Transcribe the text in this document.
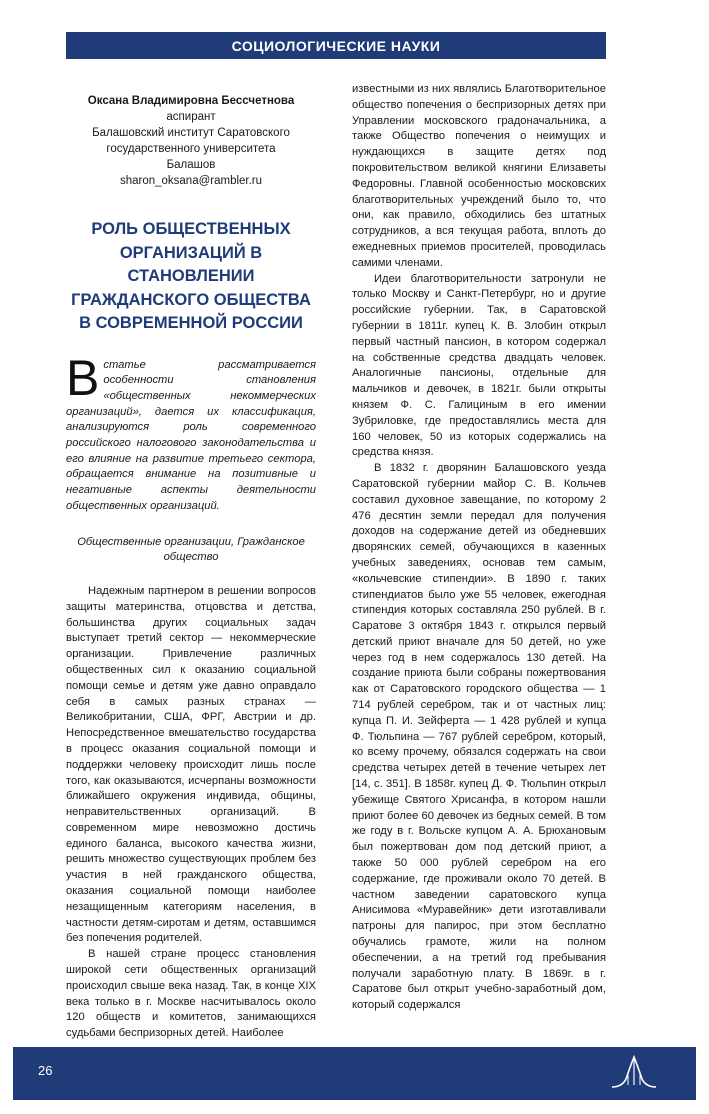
СОЦИОЛОГИЧЕСКИЕ НАУКИ
Оксана Владимировна Бессчетнова
аспирант
Балашовский институт Саратовского
государственного университета
Балашов
sharon_oksana@rambler.ru
РОЛЬ ОБЩЕСТВЕННЫХ ОРГАНИЗАЦИЙ В СТАНОВЛЕНИИ ГРАЖДАНСКОГО ОБЩЕСТВА В СОВРЕМЕННОЙ РОССИИ
В статье рассматривается особенности становления «общественных некоммерческих организаций», дается их классификация, анализируются роль современного российского налогового законодательства и его влияние на развитие третьего сектора, обращается внимание на позитивные и негативные аспекты деятельности общественных организаций.
Общественные организации, Гражданское общество

Надежным партнером в решении вопросов защиты материнства, отцовства и детства, большинства других социальных задач выступает третий сектор — некоммерческие организации. Привлечение различных общественных сил к оказанию социальной помощи семье и детям уже давно оправдало себя в самых разных странах — Великобритании, США, ФРГ, Австрии и др. Непосредственное вмешательство государства в процесс оказания социальной помощи и поддержки человеку происходит лишь после того, как оказываются, исчерпаны возможности ближайшего окружения индивида, общины, неправительственных организаций. В современном мире невозможно достичь единого баланса, высокого качества жизни, решить множество существующих проблем без участия в ней гражданского общества, оказания социальной помощи наиболее незащищенным категориям населения, в частности детям-сиротам и детям, оставшимся без попечения родителей.

В нашей стране процесс становления широкой сети общественных организаций происходил свыше века назад. Так, в конце XIX века только в г. Москве насчитывалось около 120 обществ и комитетов, занимающихся судьбами беспризорных детей. Наиболее

известными из них являлись Благотворительное общество попечения о беспризорных детях при Управлении московского градоначальника, а также Общество попечения о неимущих и нуждающихся в защите детях под покровительством великой княгини Елизаветы Федоровны. Главной особенностью московских благотворительных учреждений было то, что они, как правило, обходились без штатных сотрудников, а вся текущая работа, вплоть до ежедневных приемов просителей, проводилась самими членами.

Идеи благотворительности затронули не только Москву и Санкт-Петербург, но и другие российские губернии. Так, в Саратовской губернии в 1811г. купец К. В. Злобин открыл первый частный пансион, в котором содержал на собственные средства двадцать человек. Аналогичные пансионы, отдельные для мальчиков и девочек, в 1821г. были открыты князем Ф. С. Галициным в его имении Зубриловке, где предоставлялись места для 160 человек, 50 из которых содержались на средства князя.

В 1832 г. дворянин Балашовского уезда Саратовской губернии майор С. В. Кольчев составил духовное завещание, по которому 2 476 десятин земли передал для получения доходов на содержание детей из обедневших дворянских семей, обучающихся в казенных учебных заведениях, основав тем самым, «кольчевские стипендии». В 1890 г. таких стипендиатов было уже 55 человек, ежегодная стипендия которых составляла 250 рублей. В г. Саратове 3 октября 1843 г. открылся первый детский приют вначале для 50 детей, но уже через год в нем содержалось 130 детей. На создание приюта были собраны пожертвования как от Саратовского городского общества — 1 714 рублей серебром, так и от частных лиц: купца П. И. Зейферта — 1 428 рублей и купца Ф. Тюльпина — 767 рублей серебром, который, ко всему прочему, обязался содержать на свои средства четырех детей в течение четырех лет [14, с. 351]. В 1858г. купец Д. Ф. Тюльпин открыл убежище Святого Хрисанфа, в котором нашли приют более 60 девочек из бедных семей. В том же году в г. Вольске купцом А. А. Брюхановым был пожертвован дом под детский приют, а также 50 000 рублей серебром на его содержание, где проживали около 70 детей. В частном заведении саратовского купца Анисимова «Муравейник» дети изготавливали патроны для папирос, при этом бесплатно обучались грамоте, жили на полном обеспечении, а на третий год пребывания получали заработную плату. В 1869г. в г. Саратове был открыт учебно-заработный дом, который содержался

26
